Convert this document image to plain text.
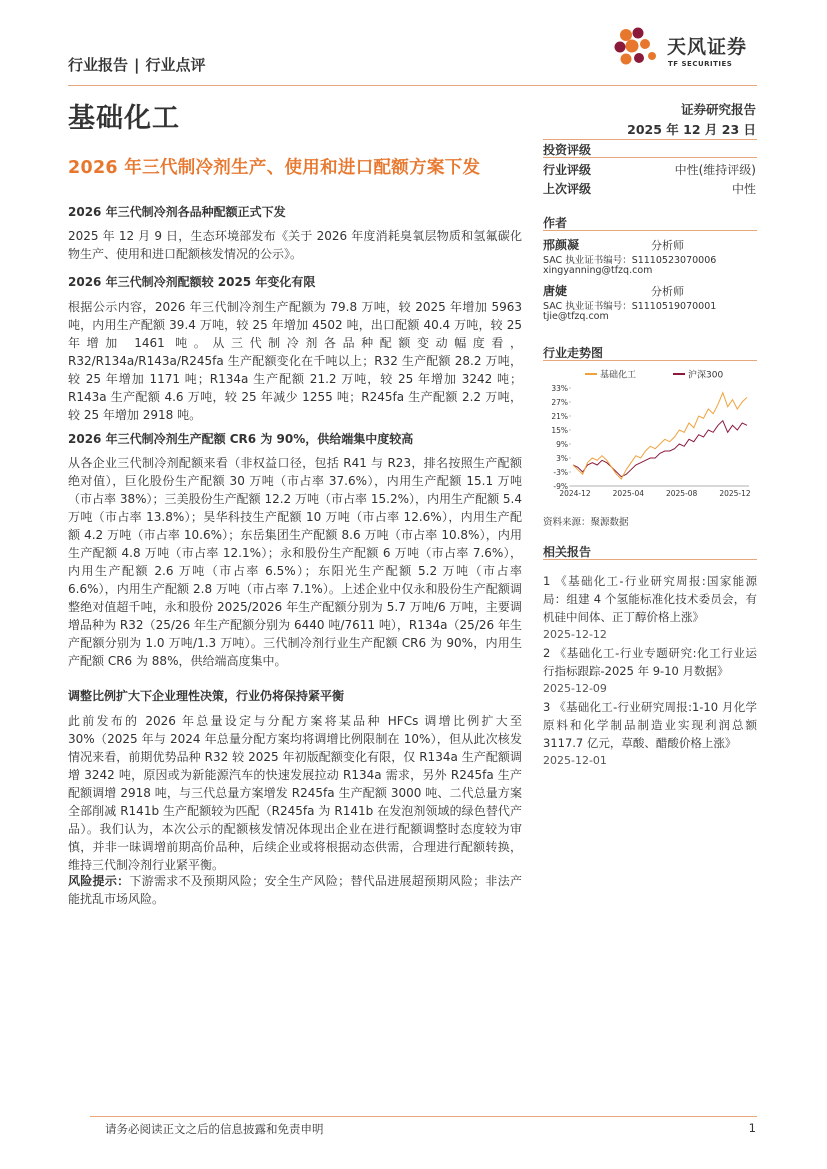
行业报告 | 行业点评
天风证券
TF SECURITIES
基础化工	证券研究报告
2025 年 12 月 23 日
2026 年三代制冷剂生产、使用和进口配额方案下发
投资评级
行业评级	中性(维持评级)
上次评级	中性
作者
邢颜凝	分析师
SAC 执业证书编号：S1110523070006
xingyanning@tfzq.com
唐婕	分析师
SAC 执业证书编号：S1110519070001
tjie@tfzq.com
行业走势图
基础化工	沪深300
-9%
-3%
3%
9%
15%
21%
27%
33%
2024-12	2025-04	2025-08	2025-12
资料来源：聚源数据
相关报告
1 《基础化工-行业研究周报:国家能源局：组建 4 个氢能标准化技术委员会，有机硅中间体、正丁醇价格上涨》
2025-12-12
2 《基础化工-行业专题研究:化工行业运行指标跟踪-2025 年 9-10 月数据》
2025-12-09
3 《基础化工-行业研究周报:1-10 月化学原料和化学制品制造业实现利润总额 3117.7 亿元，草酸、醋酸价格上涨》
2025-12-01
2026 年三代制冷剂各品种配额正式下发

2025 年 12 月 9 日，生态环境部发布《关于 2026 年度消耗臭氧层物质和氢氟碳化物生产、使用和进口配额核发情况的公示》。

2026 年三代制冷剂配额较 2025 年变化有限

根据公示内容，2026 年三代制冷剂生产配额为 79.8 万吨，较 2025 年增加 5963 吨，内用生产配额 39.4 万吨，较 25 年增加 4502 吨，出口配额 40.4 万吨，较 25 年增加 1461 吨。从三代制冷剂各品种配额变动幅度看，R32/R134a/R143a/R245fa 生产配额变化在千吨以上；R32 生产配额 28.2 万吨，较 25 年增加 1171 吨；R134a 生产配额 21.2 万吨，较 25 年增加 3242 吨；R143a 生产配额 4.6 万吨，较 25 年减少 1255 吨；R245fa 生产配额 2.2 万吨，较 25 年增加 2918 吨。

2026 年三代制冷剂生产配额 CR6 为 90%，供给端集中度较高

从各企业三代制冷剂配额来看（非权益口径，包括 R41 与 R23，排名按照生产配额绝对值），巨化股份生产配额 30 万吨（市占率 37.6%），内用生产配额 15.1 万吨（市占率 38%）；三美股份生产配额 12.2 万吨（市占率 15.2%），内用生产配额 5.4 万吨（市占率 13.8%）；昊华科技生产配额 10 万吨（市占率 12.6%），内用生产配额 4.2 万吨（市占率 10.6%）；东岳集团生产配额 8.6 万吨（市占率 10.8%），内用生产配额 4.8 万吨（市占率 12.1%）；永和股份生产配额 6 万吨（市占率 7.6%），内用生产配额 2.6 万吨（市占率 6.5%）；东阳光生产配额 5.2 万吨（市占率 6.6%），内用生产配额 2.8 万吨（市占率 7.1%）。上述企业中仅永和股份生产配额调整绝对值超千吨，永和股份 2025/2026 年生产配额分别为 5.7 万吨/6 万吨，主要调增品种为 R32（25/26 年生产配额分别为 6440 吨/7611 吨），R134a（25/26 年生产配额分别为 1.0 万吨/1.3 万吨）。三代制冷剂行业生产配额 CR6 为 90%，内用生产配额 CR6 为 88%，供给端高度集中。

调整比例扩大下企业理性决策，行业仍将保持紧平衡

此前发布的 2026 年总量设定与分配方案将某品种 HFCs 调增比例扩大至 30%（2025 年与 2024 年总量分配方案均将调增比例限制在 10%），但从此次核发情况来看，前期优势品种 R32 较 2025 年初版配额变化有限，仅 R134a 生产配额调增 3242 吨，原因或为新能源汽车的快速发展拉动 R134a 需求，另外 R245fa 生产配额调增 2918 吨，与三代总量方案增发 R245fa 生产配额 3000 吨、二代总量方案全部削减 R141b 生产配额较为匹配（R245fa 为 R141b 在发泡剂领域的绿色替代产品）。我们认为，本次公示的配额核发情况体现出企业在进行配额调整时态度较为审慎，并非一昧调增前期高价品种，后续企业或将根据动态供需，合理进行配额转换，维持三代制冷剂行业紧平衡。

风险提示：下游需求不及预期风险；安全生产风险；替代品进展超预期风险；非法产能扰乱市场风险。

请务必阅读正文之后的信息披露和免责申明	1
